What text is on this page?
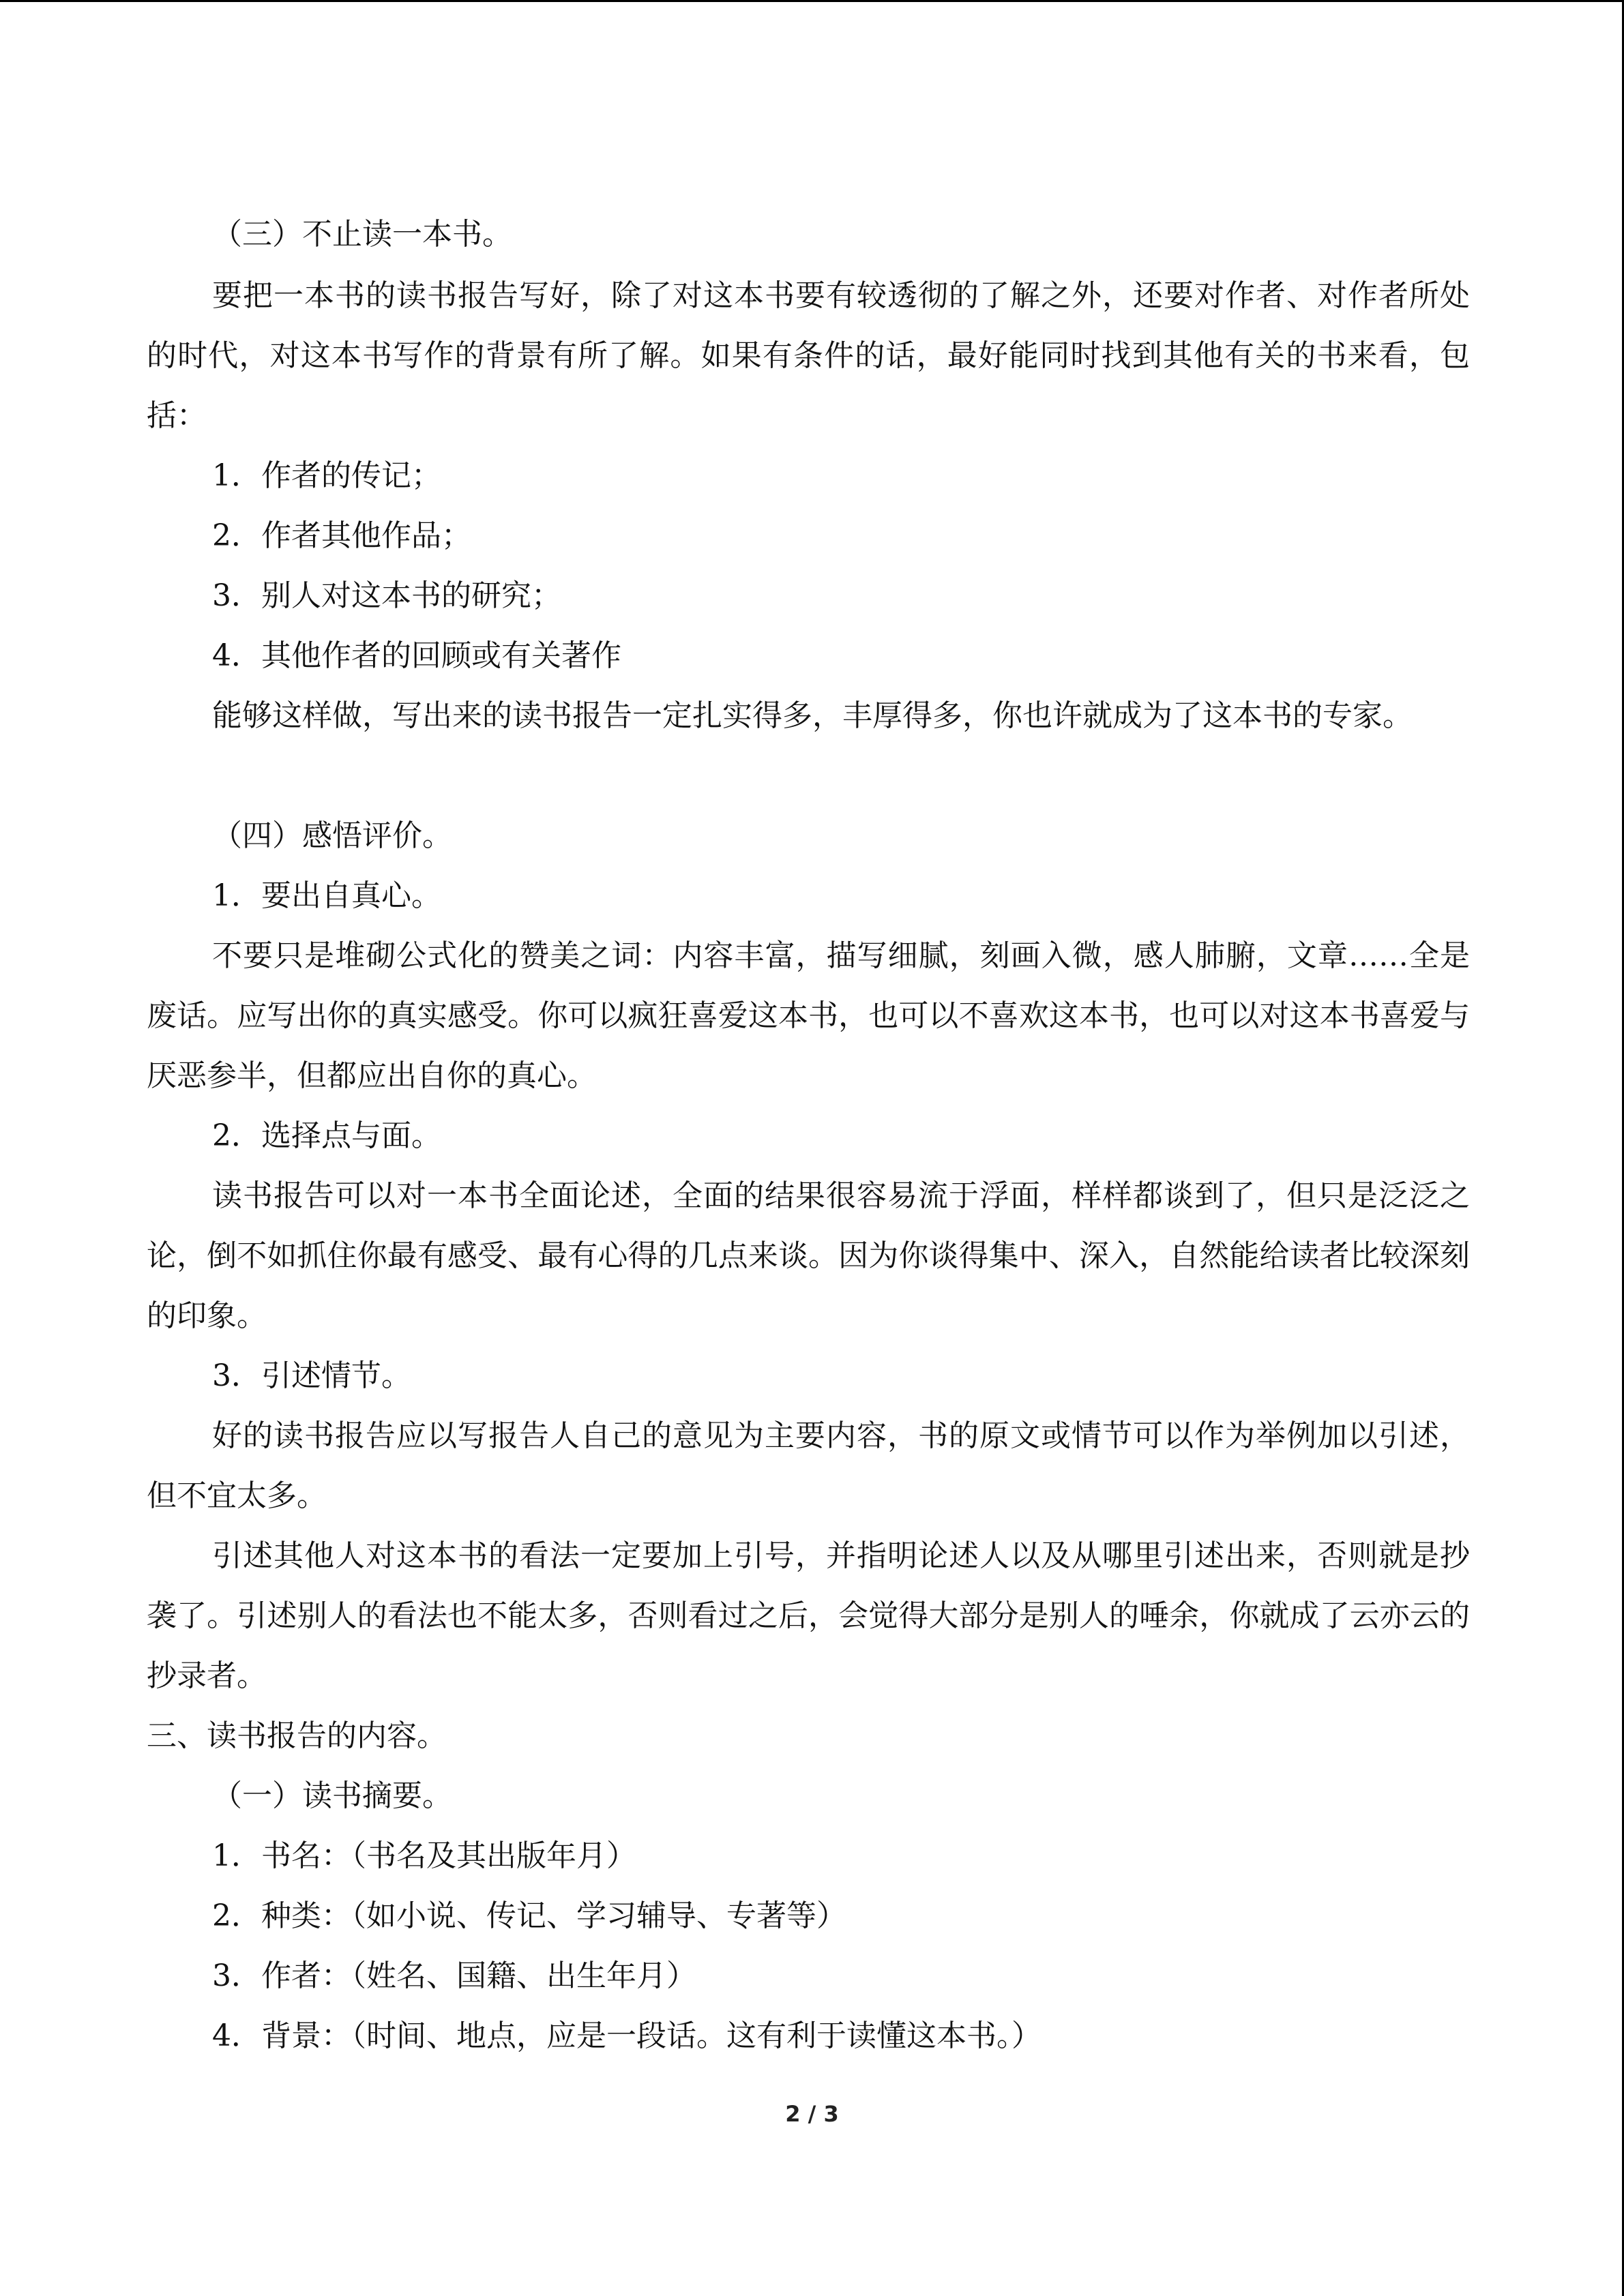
（三）不止读一本书。

要把一本书的读书报告写好，除了对这本书要有较透彻的了解之外，还要对作者、对作者所处的时代，对这本书写作的背景有所了解。如果有条件的话，最好能同时找到其他有关的书来看，包括：

1．作者的传记；

2．作者其他作品；

3．别人对这本书的研究；

4．其他作者的回顾或有关著作

能够这样做，写出来的读书报告一定扎实得多，丰厚得多，你也许就成为了这本书的专家。

（四）感悟评价。

1．要出自真心。

不要只是堆砌公式化的赞美之词：内容丰富，描写细腻，刻画入微，感人肺腑，文章……全是废话。应写出你的真实感受。你可以疯狂喜爱这本书，也可以不喜欢这本书，也可以对这本书喜爱与厌恶参半，但都应出自你的真心。

2．选择点与面。

读书报告可以对一本书全面论述，全面的结果很容易流于浮面，样样都谈到了，但只是泛泛之论，倒不如抓住你最有感受、最有心得的几点来谈。因为你谈得集中、深入，自然能给读者比较深刻的印象。

3．引述情节。

好的读书报告应以写报告人自己的意见为主要内容，书的原文或情节可以作为举例加以引述，但不宜太多。

引述其他人对这本书的看法一定要加上引号，并指明论述人以及从哪里引述出来，否则就是抄袭了。引述别人的看法也不能太多，否则看过之后，会觉得大部分是别人的唾余，你就成了云亦云的抄录者。

三、读书报告的内容。

（一）读书摘要。

1．书名：（书名及其出版年月）

2．种类：（如小说、传记、学习辅导、专著等）

3．作者：（姓名、国籍、出生年月）

4．背景：（时间、地点，应是一段话。这有利于读懂这本书。）

2 / 3
